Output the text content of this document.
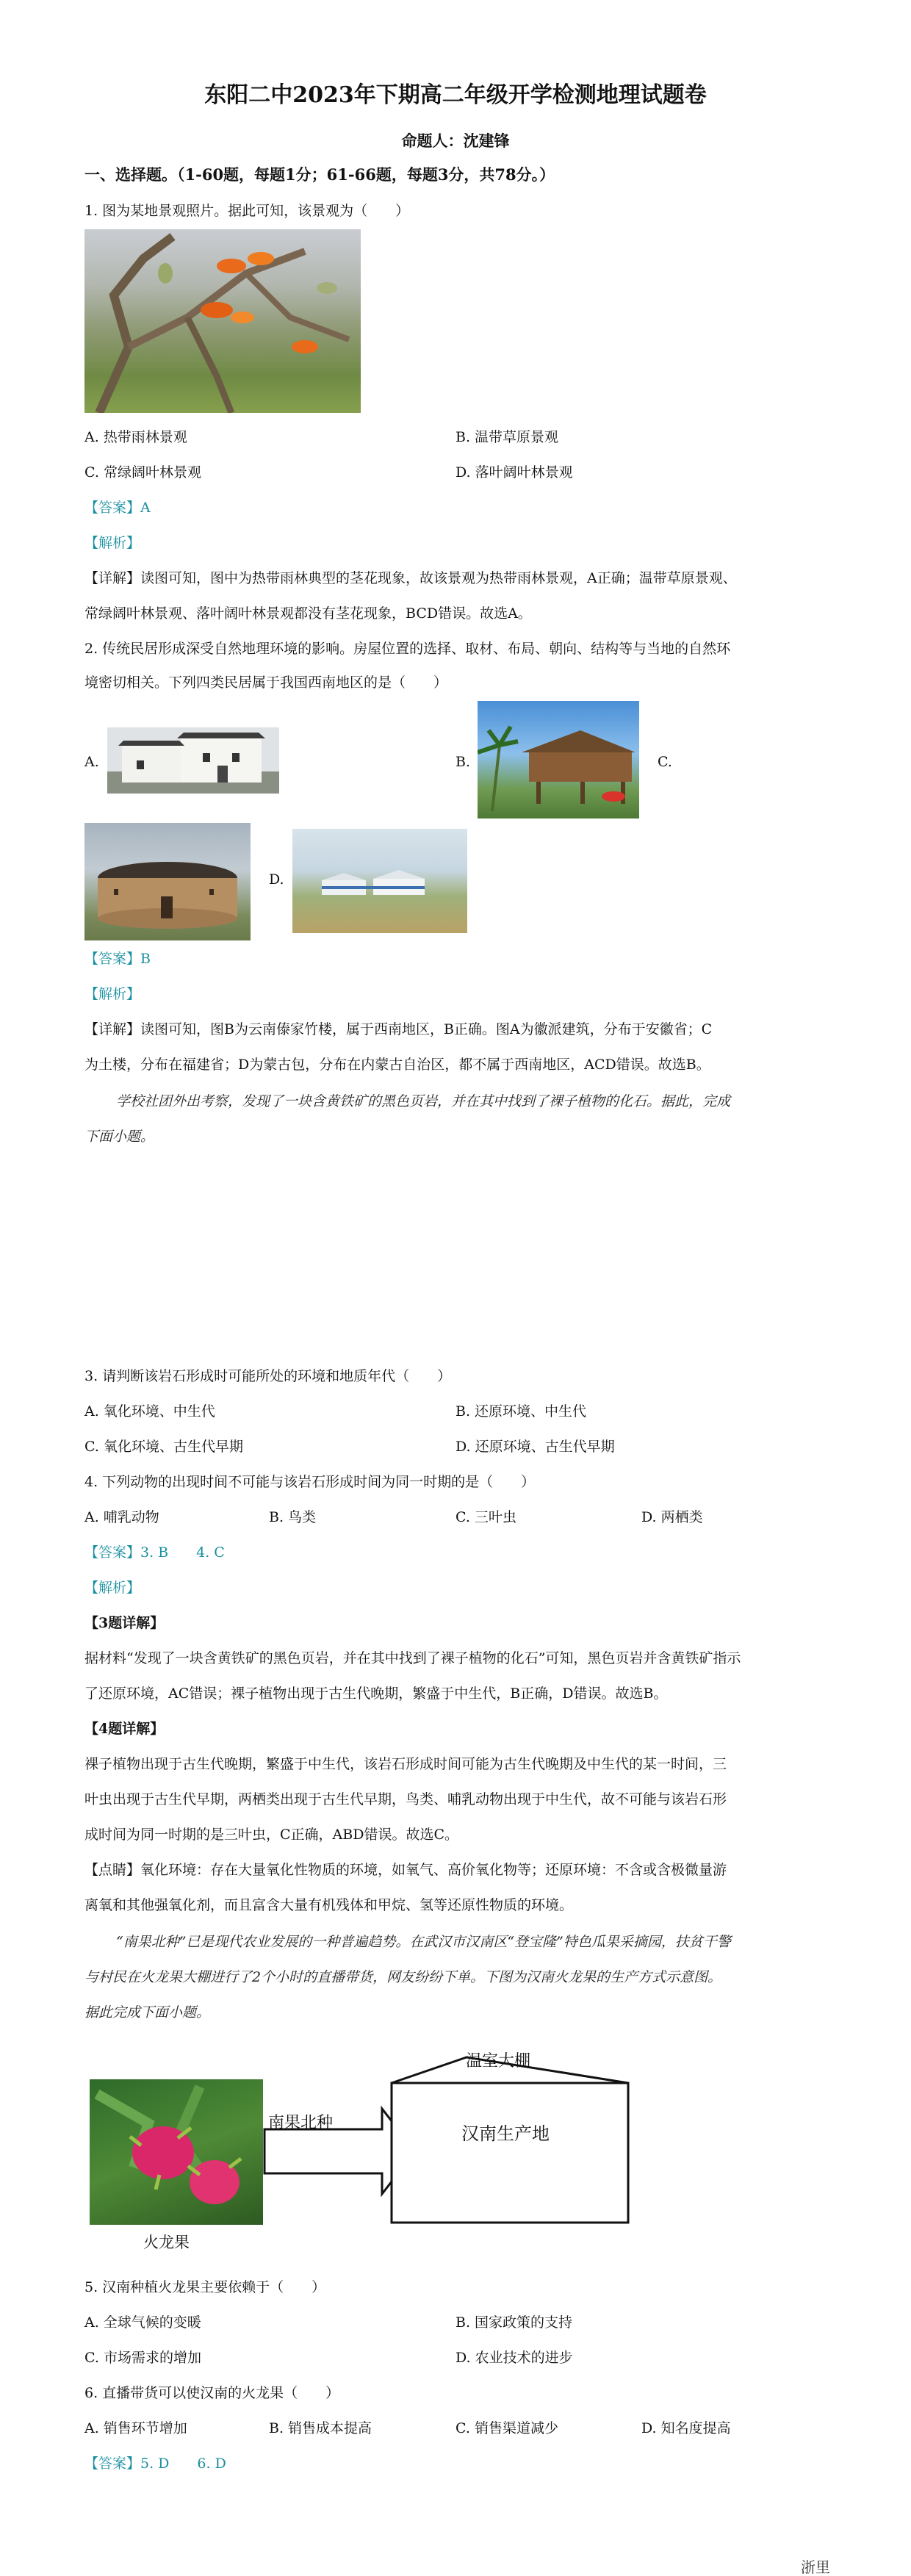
东阳二中2023年下期高二年级开学检测地理试题卷
命题人：沈建锋
一、选择题。（1-60题，每题1分；61-66题，每题3分，共78分。）
1. 图为某地景观照片。据此可知，该景观为（　　）
A. 热带雨林景观	B. 温带草原景观
C. 常绿阔叶林景观	D. 落叶阔叶林景观
【答案】A
【解析】
【详解】读图可知，图中为热带雨林典型的茎花现象，故该景观为热带雨林景观，A正确；温带草原景观、
常绿阔叶林景观、落叶阔叶林景观都没有茎花现象，BCD错误。故选A。
2. 传统民居形成深受自然地理环境的影响。房屋位置的选择、取材、布局、朝向、结构等与当地的自然环
境密切相关。下列四类民居属于我国西南地区的是（　　）
A.	B.	C.
D.
【答案】B
【解析】
【详解】读图可知，图B为云南傣家竹楼，属于西南地区，B正确。图A为徽派建筑，分布于安徽省；C
为土楼，分布在福建省；D为蒙古包，分布在内蒙古自治区，都不属于西南地区，ACD错误。故选B。
学校社团外出考察，发现了一块含黄铁矿的黑色页岩，并在其中找到了裸子植物的化石。据此，完成
下面小题。
3. 请判断该岩石形成时可能所处的环境和地质年代（　　）
A. 氧化环境、中生代	B. 还原环境、中生代
C. 氧化环境、古生代早期	D. 还原环境、古生代早期
4. 下列动物的出现时间不可能与该岩石形成时间为同一时期的是（　　）
A. 哺乳动物	B. 鸟类	C. 三叶虫	D. 两栖类
【答案】3. B　　4. C
【解析】
【3题详解】
据材料“发现了一块含黄铁矿的黑色页岩，并在其中找到了裸子植物的化石”可知，黑色页岩并含黄铁矿指示
了还原环境，AC错误；裸子植物出现于古生代晚期，繁盛于中生代，B正确，D错误。故选B。
【4题详解】
裸子植物出现于古生代晚期，繁盛于中生代，该岩石形成时间可能为古生代晚期及中生代的某一时间，三
叶虫出现于古生代早期，两栖类出现于古生代早期，鸟类、哺乳动物出现于中生代，故不可能与该岩石形
成时间为同一时期的是三叶虫，C正确，ABD错误。故选C。
【点睛】氧化环境：存在大量氧化性物质的环境，如氧气、高价氧化物等；还原环境：不含或含极微量游
离氧和其他强氧化剂，而且富含大量有机残体和甲烷、氢等还原性物质的环境。
“南果北种”已是现代农业发展的一种普遍趋势。在武汉市汉南区“登宝隆”特色瓜果采摘园，扶贫干警
与村民在火龙果大棚进行了2个小时的直播带货，网友纷纷下单。下图为汉南火龙果的生产方式示意图。
据此完成下面小题。
火龙果
南果北种
温室大棚
汉南生产地
5. 汉南种植火龙果主要依赖于（　　）
A. 全球气候的变暖	B. 国家政策的支持
C. 市场需求的增加	D. 农业技术的进步
6. 直播带货可以使汉南的火龙果（　　）
A. 销售环节增加	B. 销售成本提高	C. 销售渠道减少	D. 知名度提高
【答案】5. D　　6. D
浙里
